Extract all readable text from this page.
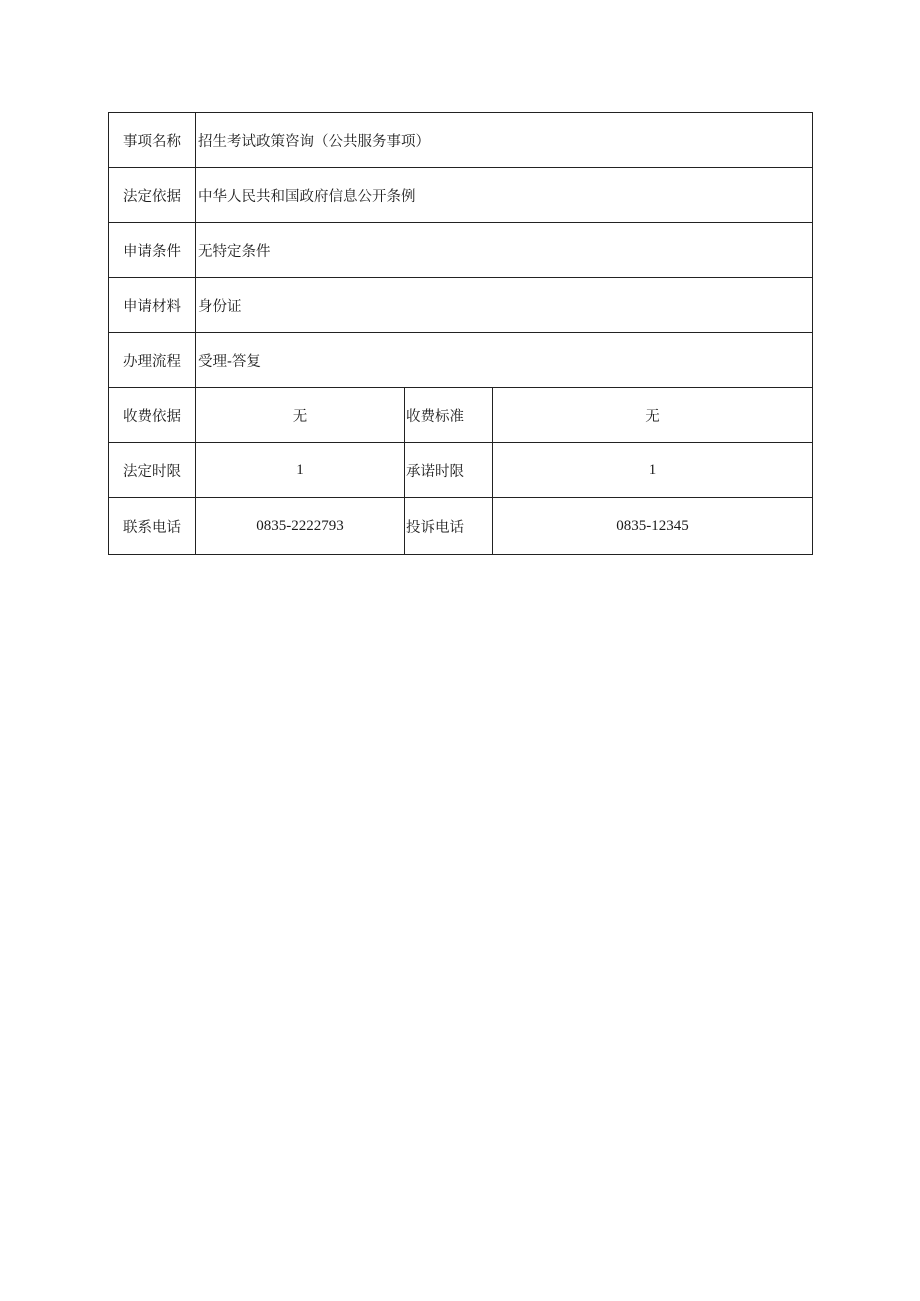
事项名称	招生考试政策咨询（公共服务事项）		
法定依据	中华人民共和国政府信息公开条例		
申请条件	无特定条件		
申请材料	身份证		
办理流程	受理-答复		
收费依据	无	收费标准	无
法定时限	1	承诺时限	1
联系电话	0835-2222793	投诉电话	0835-12345
